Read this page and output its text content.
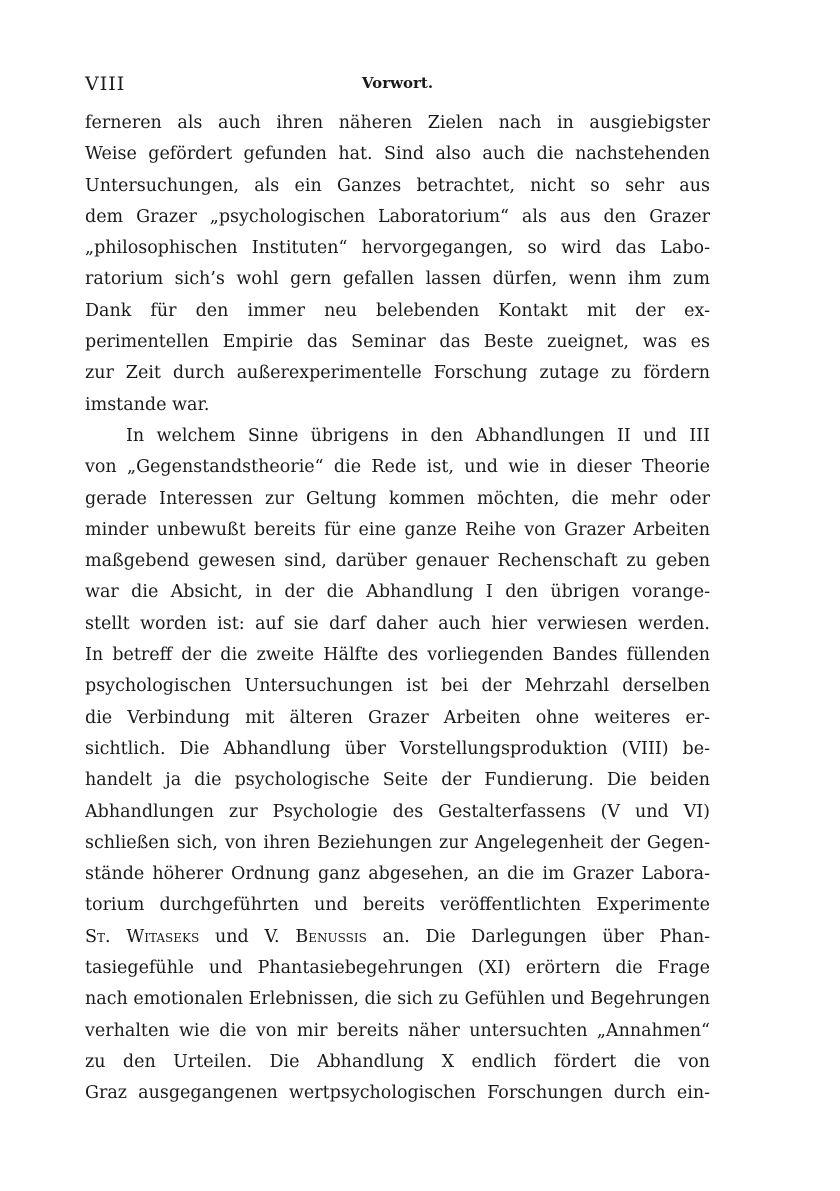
VIII	Vorwort.
ferneren als auch ihren näheren Zielen nach in ausgiebigster
Weise gefördert gefunden hat. Sind also auch die nachstehenden
Untersuchungen, als ein Ganzes betrachtet, nicht so sehr aus
dem Grazer „psychologischen Laboratorium“ als aus den Grazer
„philosophischen Instituten“ hervorgegangen, so wird das Labo-
ratorium sich’s wohl gern gefallen lassen dürfen, wenn ihm zum
Dank für den immer neu belebenden Kontakt mit der ex-
perimentellen Empirie das Seminar das Beste zueignet, was es
zur Zeit durch außerexperimentelle Forschung zutage zu fördern
imstande war.
In welchem Sinne übrigens in den Abhandlungen II und III
von „Gegenstandstheorie“ die Rede ist, und wie in dieser Theorie
gerade Interessen zur Geltung kommen möchten, die mehr oder
minder unbewußt bereits für eine ganze Reihe von Grazer Arbeiten
maßgebend gewesen sind, darüber genauer Rechenschaft zu geben
war die Absicht, in der die Abhandlung I den übrigen vorange-
stellt worden ist: auf sie darf daher auch hier verwiesen werden.
In betreff der die zweite Hälfte des vorliegenden Bandes füllenden
psychologischen Untersuchungen ist bei der Mehrzahl derselben
die Verbindung mit älteren Grazer Arbeiten ohne weiteres er-
sichtlich. Die Abhandlung über Vorstellungsproduktion (VIII) be-
handelt ja die psychologische Seite der Fundierung. Die beiden
Abhandlungen zur Psychologie des Gestalterfassens (V und VI)
schließen sich, von ihren Beziehungen zur Angelegenheit der Gegen-
stände höherer Ordnung ganz abgesehen, an die im Grazer Labora-
torium durchgeführten und bereits veröffentlichten Experimente
St. Witaseks und V. Benussis an. Die Darlegungen über Phan-
tasiegefühle und Phantasiebegehrungen (XI) erörtern die Frage
nach emotionalen Erlebnissen, die sich zu Gefühlen und Begehrungen
verhalten wie die von mir bereits näher untersuchten „Annahmen“
zu den Urteilen. Die Abhandlung X endlich fördert die von
Graz ausgegangenen wertpsychologischen Forschungen durch ein-
